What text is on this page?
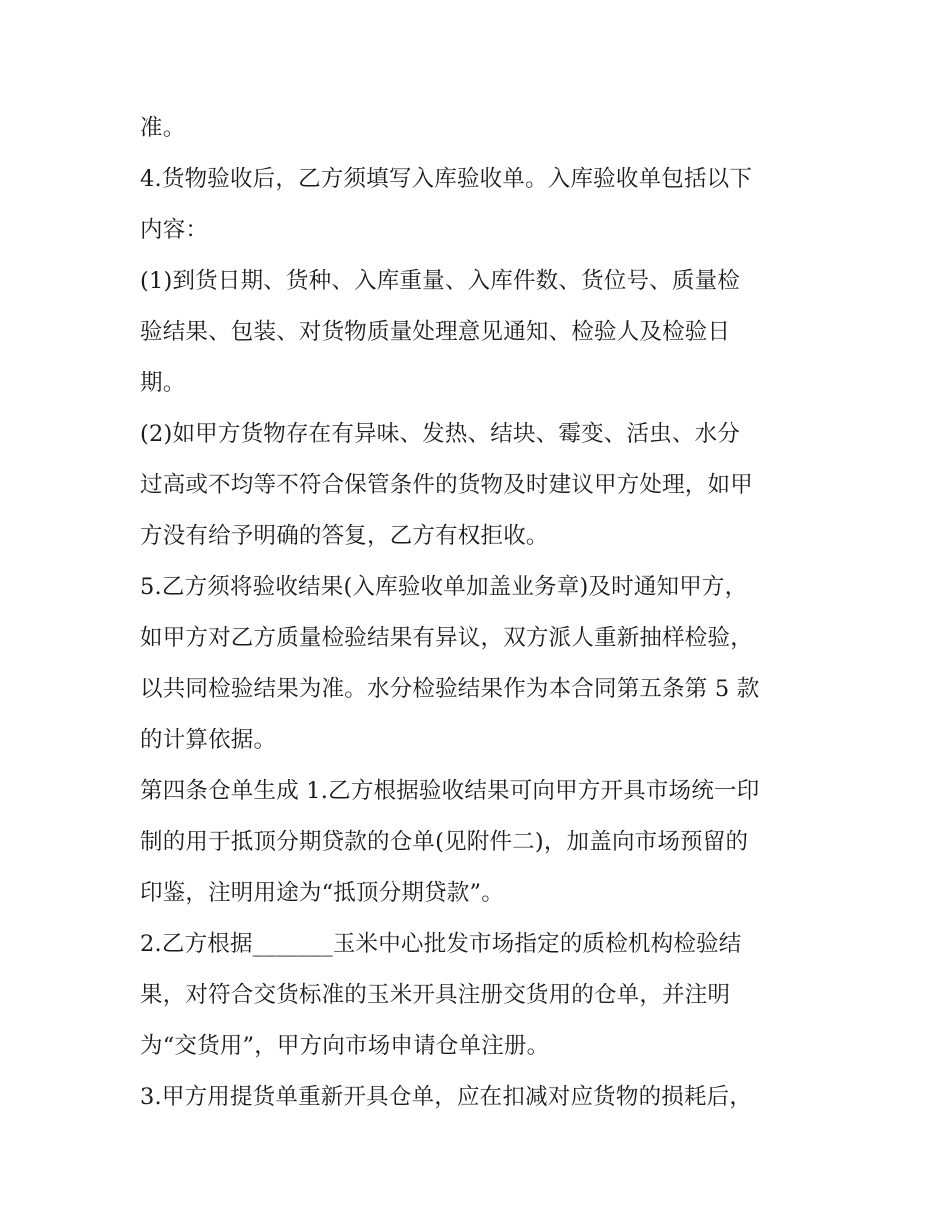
准。

4.货物验收后，乙方须填写入库验收单。入库验收单包括以下

内容：

(1)到货日期、货种、入库重量、入库件数、货位号、质量检

验结果、包装、对货物质量处理意见通知、检验人及检验日

期。

(2)如甲方货物存在有异味、发热、结块、霉变、活虫、水分

过高或不均等不符合保管条件的货物及时建议甲方处理，如甲

方没有给予明确的答复，乙方有权拒收。

5.乙方须将验收结果(入库验收单加盖业务章)及时通知甲方，

如甲方对乙方质量检验结果有异议，双方派人重新抽样检验，

以共同检验结果为准。水分检验结果作为本合同第五条第 5 款

的计算依据。

第四条仓单生成 1.乙方根据验收结果可向甲方开具市场统一印

制的用于抵顶分期贷款的仓单(见附件二)，加盖向市场预留的

印鉴，注明用途为“抵顶分期贷款”。

2.乙方根据_______玉米中心批发市场指定的质检机构检验结

果，对符合交货标准的玉米开具注册交货用的仓单，并注明

为“交货用”，甲方向市场申请仓单注册。

3.甲方用提货单重新开具仓单，应在扣减对应货物的损耗后，
